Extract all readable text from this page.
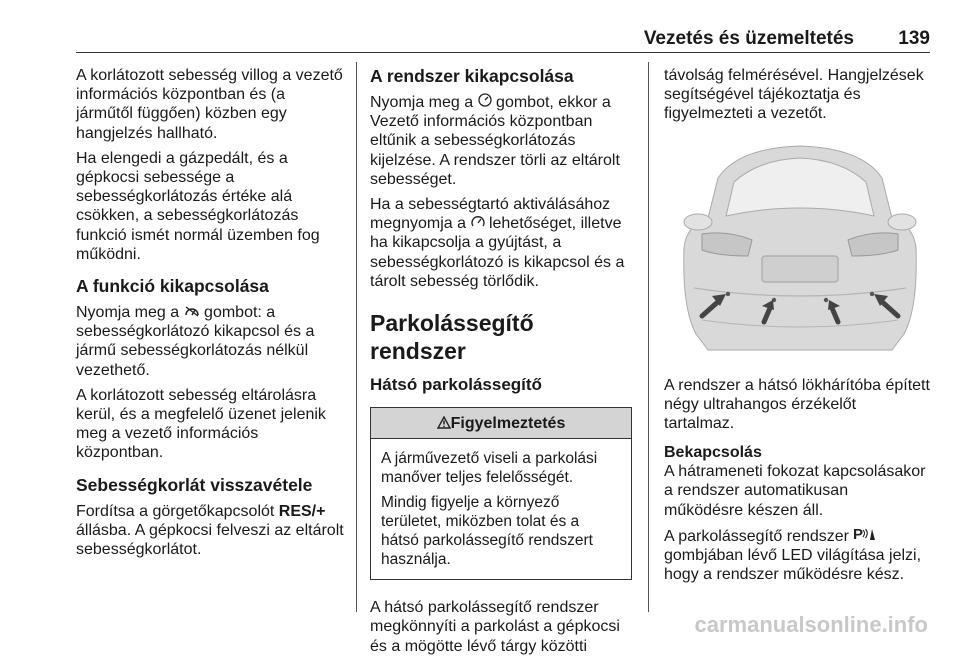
Vezetés és üzemeltetés 139

A korlátozott sebesség villog a vezető információs központban és (a járműtől függően) közben egy hangjelzés hallható.

Ha elengedi a gázpedált, és a gépkocsi sebessége a sebességkorlátozás értéke alá csökken, a sebességkorlátozás funkció ismét normál üzemben fog működni.

A funkció kikapcsolása

Nyomja meg a  gombot: a sebességkorlátozó kikapcsol és a jármű sebességkorlátozás nélkül vezethető.

A korlátozott sebesség eltárolásra kerül, és a megfelelő üzenet jelenik meg a vezető információs központban.

Sebességkorlát visszavétele

Fordítsa a görgetőkapcsolót RES/+ állásba. A gépkocsi felveszi az eltárolt sebességkorlátot.

A rendszer kikapcsolása

Nyomja meg a  gombot, ekkor a Vezető információs központban eltűnik a sebességkorlátozás kijelzése. A rendszer törli az eltárolt sebességet.

Ha a sebességtartó aktiválásához megnyomja a  lehetőséget, illetve ha kikapcsolja a gyújtást, a sebességkorlátozó is kikapcsol és a tárolt sebesség törlődik.

Parkolássegítő rendszer
Hátsó parkolássegítő
Figyelmeztetés

A járművezető viseli a parkolási manőver teljes felelősségét.

Mindig figyelje a környező területet, miközben tolat és a hátsó parkolássegítő rendszert használja.

A hátsó parkolássegítő rendszer megkönnyíti a parkolást a gépkocsi és a mögötte lévő tárgy közötti

távolság felmérésével. Hangjelzések segítségével tájékoztatja és figyelmezteti a vezetőt.

A rendszer a hátsó lökhárítóba épített négy ultrahangos érzékelőt tartalmaz.

Bekapcsolás

A hátrameneti fokozat kapcsolásakor a rendszer automatikusan működésre készen áll.

A parkolássegítő rendszer P
gombjában lévő LED világítása jelzi, hogy a rendszer működésre kész.

carmanualsonline.info
